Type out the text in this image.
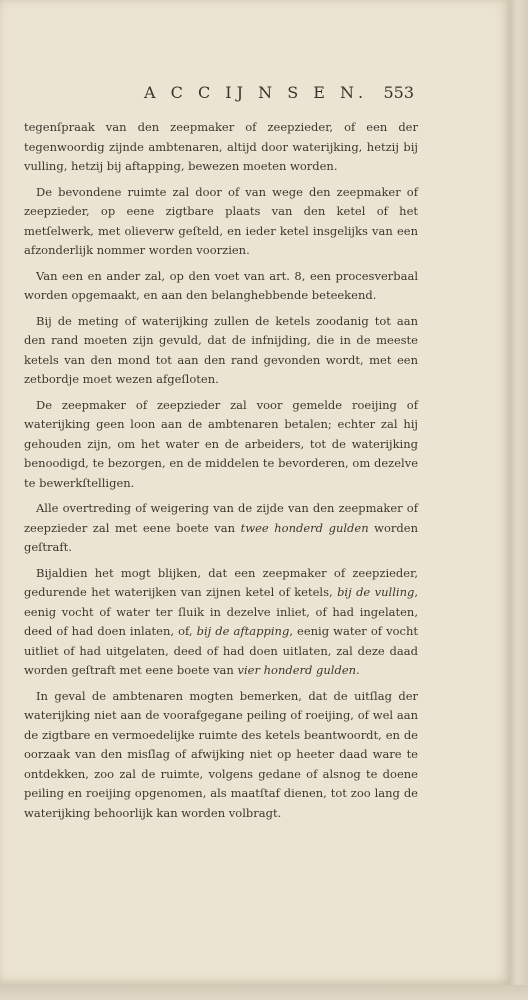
A C C IJ N S E N. 553

tegenſpraak van den zeepmaker of zeepzieder, of een der tegenwoordig zijnde ambtenaren, altijd door waterijking, hetzij bij vulling, hetzij bij aftapping, bewezen moeten worden.

De bevondene ruimte zal door of van wege den zeepmaker of zeepzieder, op eene zigtbare plaats van den ketel of het metſelwerk, met olieverw geſteld, en ieder ketel insgelijks van een afzonderlijk nommer worden voorzien.

Van een en ander zal, op den voet van art. 8, een procesverbaal worden opgemaakt, en aan den belanghebbende beteekend.

Bij de meting of waterijking zullen de ketels zoodanig tot aan den rand moeten zijn gevuld, dat de infnijding, die in de meeste ketels van den mond tot aan den rand gevonden wordt, met een zetbordje moet wezen afgeſloten.

De zeepmaker of zeepzieder zal voor gemelde roeijing of waterijking geen loon aan de ambtenaren betalen; echter zal hij gehouden zijn, om het water en de arbeiders, tot de waterijking benoodigd, te bezorgen, en de middelen te bevorderen, om dezelve te bewerkſtelligen.

Alle overtreding of weigering van de zijde van den zeepmaker of zeepzieder zal met eene boete van twee honderd gulden worden geſtraft.

Bijaldien het mogt blijken, dat een zeepmaker of zeepzieder, gedurende het waterijken van zijnen ketel of ketels, bij de vulling, eenig vocht of water ter ſluik in dezelve inliet, of had ingelaten, deed of had doen inlaten, of, bij de aftapping, eenig water of vocht uitliet of had uitgelaten, deed of had doen uitlaten, zal deze daad worden geſtraft met eene boete van vier honderd gulden.

In geval de ambtenaren mogten bemerken, dat de uitſlag der waterijking niet aan de voorafgegane peiling of roeijing, of wel aan de zigtbare en vermoedelijke ruimte des ketels beantwoordt, en de oorzaak van den misſlag of afwijking niet op heeter daad ware te ontdekken, zoo zal de ruimte, volgens gedane of alsnog te doene peiling en roeijing opgenomen, als maatſtaf dienen, tot zoo lang de waterijking behoorlijk kan worden volbragt.
